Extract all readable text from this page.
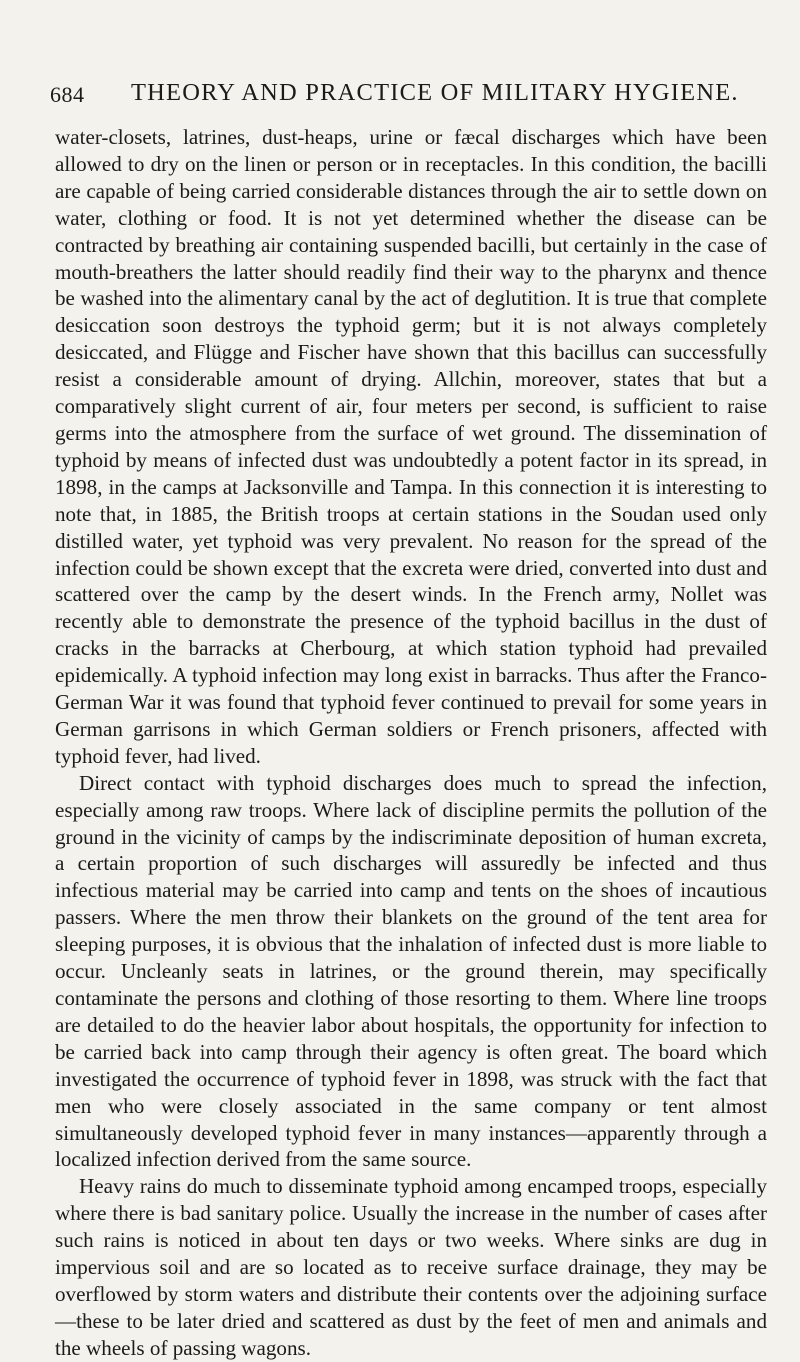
684 THEORY AND PRACTICE OF MILITARY HYGIENE.

water-closets, latrines, dust-heaps, urine or fæcal discharges which have been allowed to dry on the linen or person or in receptacles. In this condition, the bacilli are capable of being carried considerable distances through the air to settle down on water, clothing or food. It is not yet determined whether the disease can be contracted by breathing air containing suspended bacilli, but certainly in the case of mouth-breathers the latter should readily find their way to the pharynx and thence be washed into the alimentary canal by the act of deglutition. It is true that complete desiccation soon destroys the typhoid germ; but it is not always completely desiccated, and Flügge and Fischer have shown that this bacillus can successfully resist a considerable amount of drying. Allchin, moreover, states that but a comparatively slight current of air, four meters per second, is sufficient to raise germs into the atmosphere from the surface of wet ground. The dissemination of typhoid by means of infected dust was undoubtedly a potent factor in its spread, in 1898, in the camps at Jacksonville and Tampa. In this connection it is interesting to note that, in 1885, the British troops at certain stations in the Soudan used only distilled water, yet typhoid was very prevalent. No reason for the spread of the infection could be shown except that the excreta were dried, converted into dust and scattered over the camp by the desert winds. In the French army, Nollet was recently able to demonstrate the presence of the typhoid bacillus in the dust of cracks in the barracks at Cherbourg, at which station typhoid had prevailed epidemically. A typhoid infection may long exist in barracks. Thus after the Franco-German War it was found that typhoid fever continued to prevail for some years in German garrisons in which German soldiers or French prisoners, affected with typhoid fever, had lived.

Direct contact with typhoid discharges does much to spread the infection, especially among raw troops. Where lack of discipline permits the pollution of the ground in the vicinity of camps by the indiscriminate deposition of human excreta, a certain proportion of such discharges will assuredly be infected and thus infectious material may be carried into camp and tents on the shoes of incautious passers. Where the men throw their blankets on the ground of the tent area for sleeping purposes, it is obvious that the inhalation of infected dust is more liable to occur. Uncleanly seats in latrines, or the ground therein, may specifically contaminate the persons and clothing of those resorting to them. Where line troops are detailed to do the heavier labor about hospitals, the opportunity for infection to be carried back into camp through their agency is often great. The board which investigated the occurrence of typhoid fever in 1898, was struck with the fact that men who were closely associated in the same company or tent almost simultaneously developed typhoid fever in many instances—apparently through a localized infection derived from the same source.

Heavy rains do much to disseminate typhoid among encamped troops, especially where there is bad sanitary police. Usually the increase in the number of cases after such rains is noticed in about ten days or two weeks. Where sinks are dug in impervious soil and are so located as to receive surface drainage, they may be overflowed by storm waters and distribute their contents over the adjoining surface—these to be later dried and scattered as dust by the feet of men and animals and the wheels of passing wagons.
